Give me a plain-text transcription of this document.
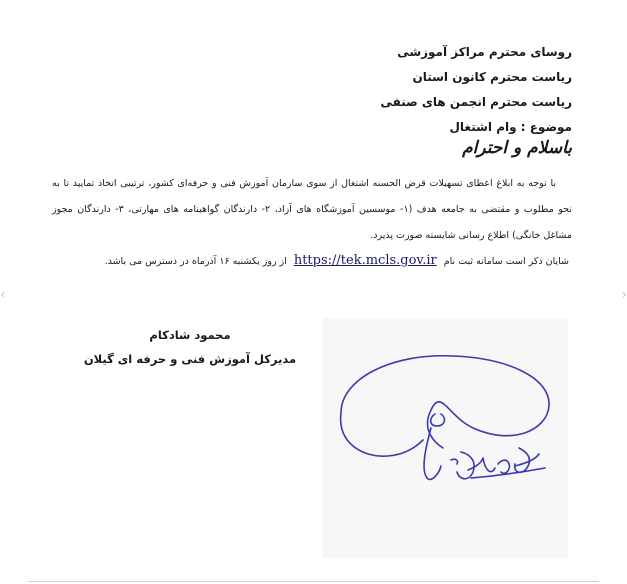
‹	›
روسای محترم مراکز آموزشی
ریاست محترم کانون استان
ریاست محترم انجمن های صنفی
موضوع : وام اشتغال
باسلام و احترام
با توجه به ابلاغ اعطای تسهیلات قرض الحسنه اشتغال از سوی سازمان آموزش فنی و حرفه‌ای کشور، ترتیبی اتخاذ تمایید تا به نحو مطلوب و مقتضی به جامعه هدف (۱- موسسین آموزشگاه های آزاد، ۲- دارندگان گواهینامه های مهارتی، ۳- دارندگان مجوز مشاغل خانگی) اطلاع رسانی شایسته صورت پذیرد.
شایان ذکر است سامانه ثبت نام https://tek.mcls.gov.ir از روز یکشنبه ۱۶ آذرماه در دسترس می باشد.
محمود شادکام
مدیرکل آموزش فنی و حرفه ای گیلان
